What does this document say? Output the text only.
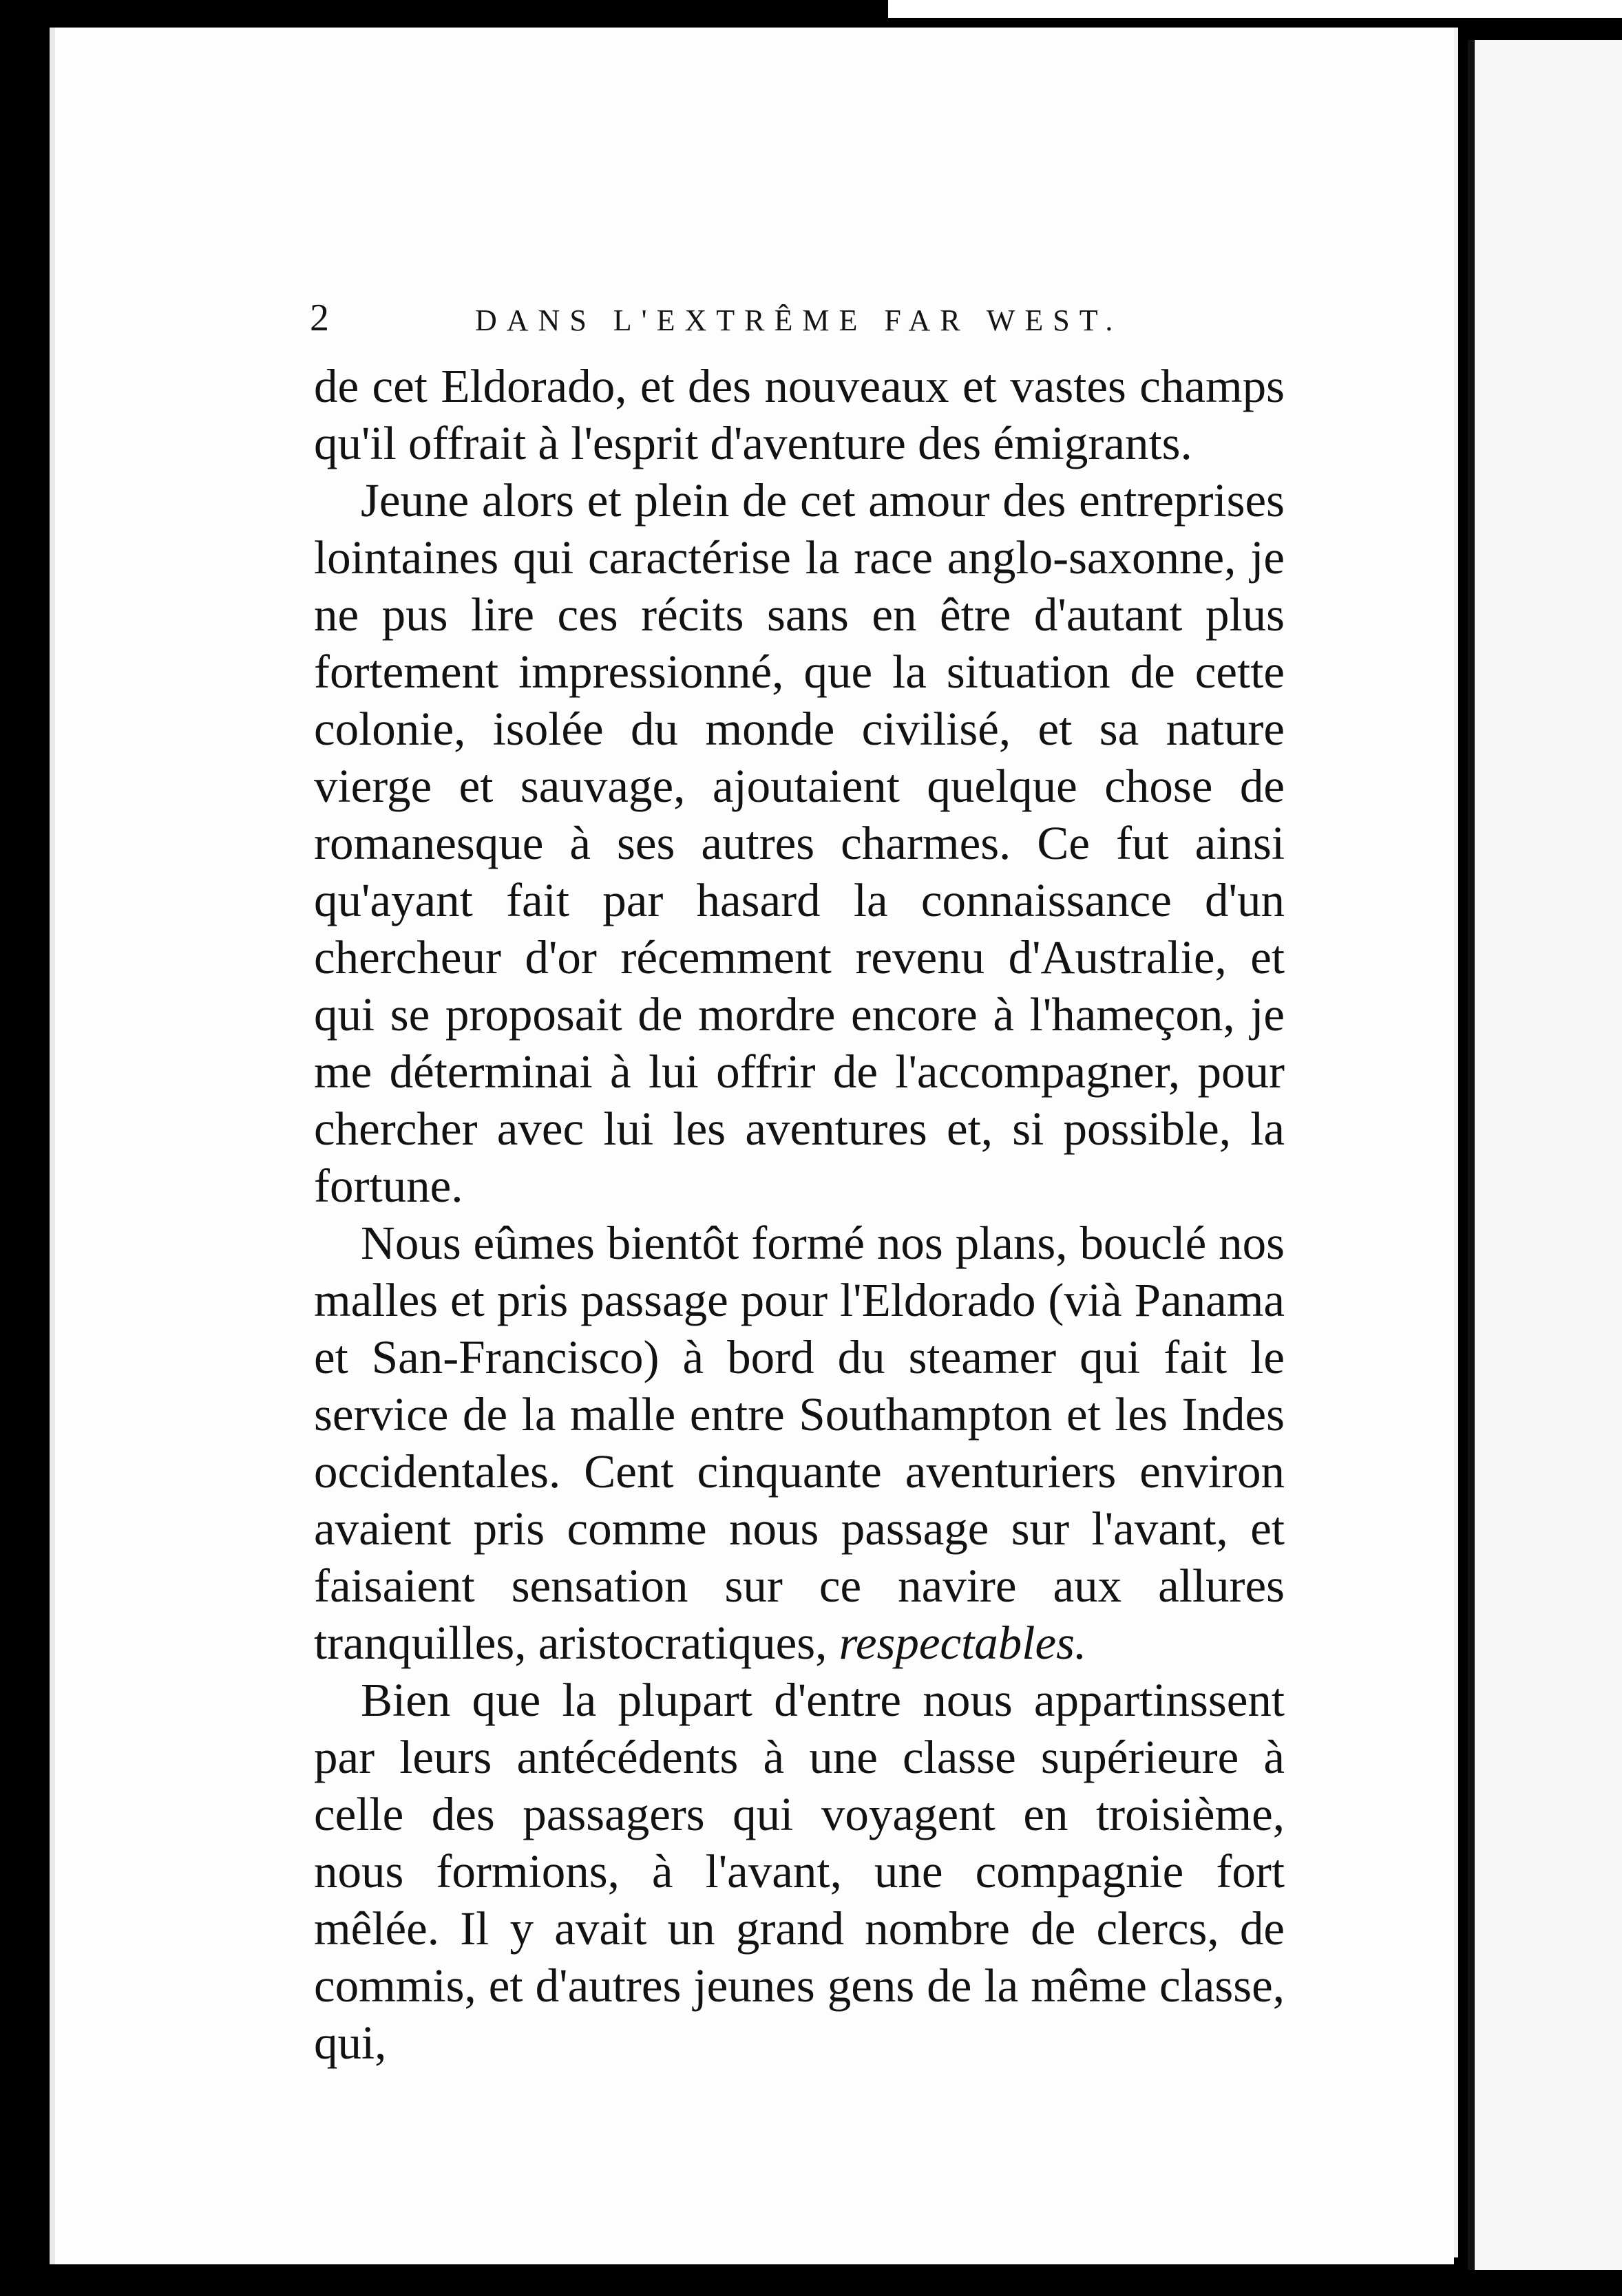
2	DANS L'EXTRÊME FAR WEST.

de cet Eldorado, et des nouveaux et vastes champs qu'il offrait à l'esprit d'aventure des émigrants.

Jeune alors et plein de cet amour des entreprises lointaines qui caractérise la race anglo-saxonne, je ne pus lire ces récits sans en être d'autant plus fortement impressionné, que la situation de cette colonie, isolée du monde civilisé, et sa nature vierge et sauvage, ajoutaient quelque chose de romanesque à ses autres charmes. Ce fut ainsi qu'ayant fait par hasard la connaissance d'un chercheur d'or récemment revenu d'Australie, et qui se proposait de mordre encore à l'hameçon, je me déterminai à lui offrir de l'accompagner, pour chercher avec lui les aventures et, si possible, la fortune.

Nous eûmes bientôt formé nos plans, bouclé nos malles et pris passage pour l'Eldorado (vià Panama et San-Francisco) à bord du steamer qui fait le service de la malle entre Southampton et les Indes occidentales. Cent cinquante aventuriers environ avaient pris comme nous passage sur l'avant, et faisaient sensation sur ce navire aux allures tranquilles, aristocratiques, respectables.

Bien que la plupart d'entre nous appartinssent par leurs antécédents à une classe supérieure à celle des passagers qui voyagent en troisième, nous formions, à l'avant, une compagnie fort mêlée. Il y avait un grand nombre de clercs, de commis, et d'autres jeunes gens de la même classe, qui,
